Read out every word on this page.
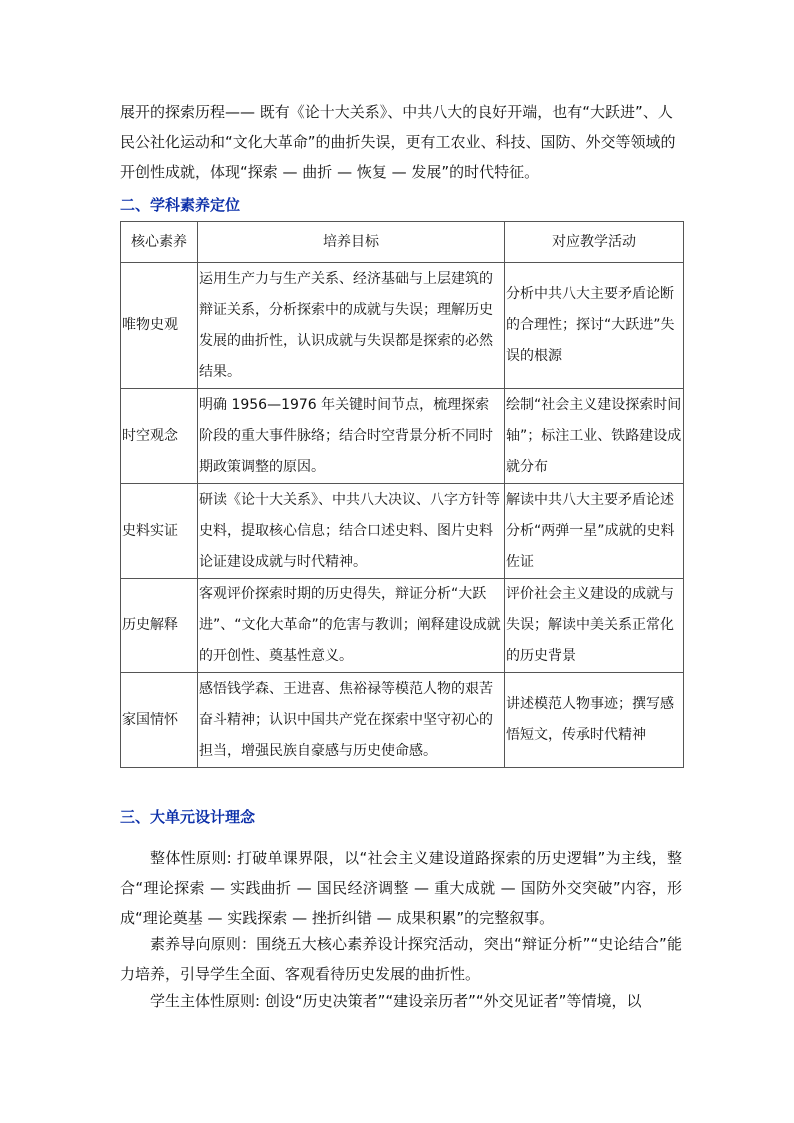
展开的探索历程—— 既有《论十大关系》、中共八大的良好开端，也有“大跃进”、人
民公社化运动和“文化大革命”的曲折失误，更有工农业、科技、国防、外交等领域的
开创性成就，体现“探索 — 曲折 — 恢复 — 发展”的时代特征。
二、学科素养定位
核心素养	培养目标	对应教学活动
唯物史观	运用生产力与生产关系、经济基础与上层建筑的辩证关系，分析探索中的成就与失误；理解历史发展的曲折性，认识成就与失误都是探索的必然结果。	分析中共八大主要矛盾论断的合理性；探讨“大跃进”失误的根源
时空观念	明确 1956—1976 年关键时间节点，梳理探索阶段的重大事件脉络；结合时空背景分析不同时期政策调整的原因。	绘制“社会主义建设探索时间轴”；标注工业、铁路建设成就分布
史料实证	研读《论十大关系》、中共八大决议、八字方针等史料，提取核心信息；结合口述史料、图片史料论证建设成就与时代精神。	解读中共八大主要矛盾论述分析“两弹一星”成就的史料佐证
历史解释	客观评价探索时期的历史得失，辩证分析“大跃进”、“文化大革命”的危害与教训；阐释建设成就的开创性、奠基性意义。	评价社会主义建设的成就与失误；解读中美关系正常化的历史背景
家国情怀	感悟钱学森、王进喜、焦裕禄等模范人物的艰苦奋斗精神；认识中国共产党在探索中坚守初心的担当，增强民族自豪感与历史使命感。	讲述模范人物事迹；撰写感悟短文，传承时代精神
三、大单元设计理念
整体性原则: 打破单课界限，以“社会主义建设道路探索的历史逻辑”为主线，整合“理论探索 — 实践曲折 — 国民经济调整 — 重大成就 — 国防外交突破”内容，形成“理论奠基 — 实践探索 — 挫折纠错 — 成果积累”的完整叙事。
素养导向原则：围绕五大核心素养设计探究活动，突出“辩证分析”“史论结合”能力培养，引导学生全面、客观看待历史发展的曲折性。
学生主体性原则: 创设“历史决策者”“建设亲历者”“外交见证者”等情境，以
